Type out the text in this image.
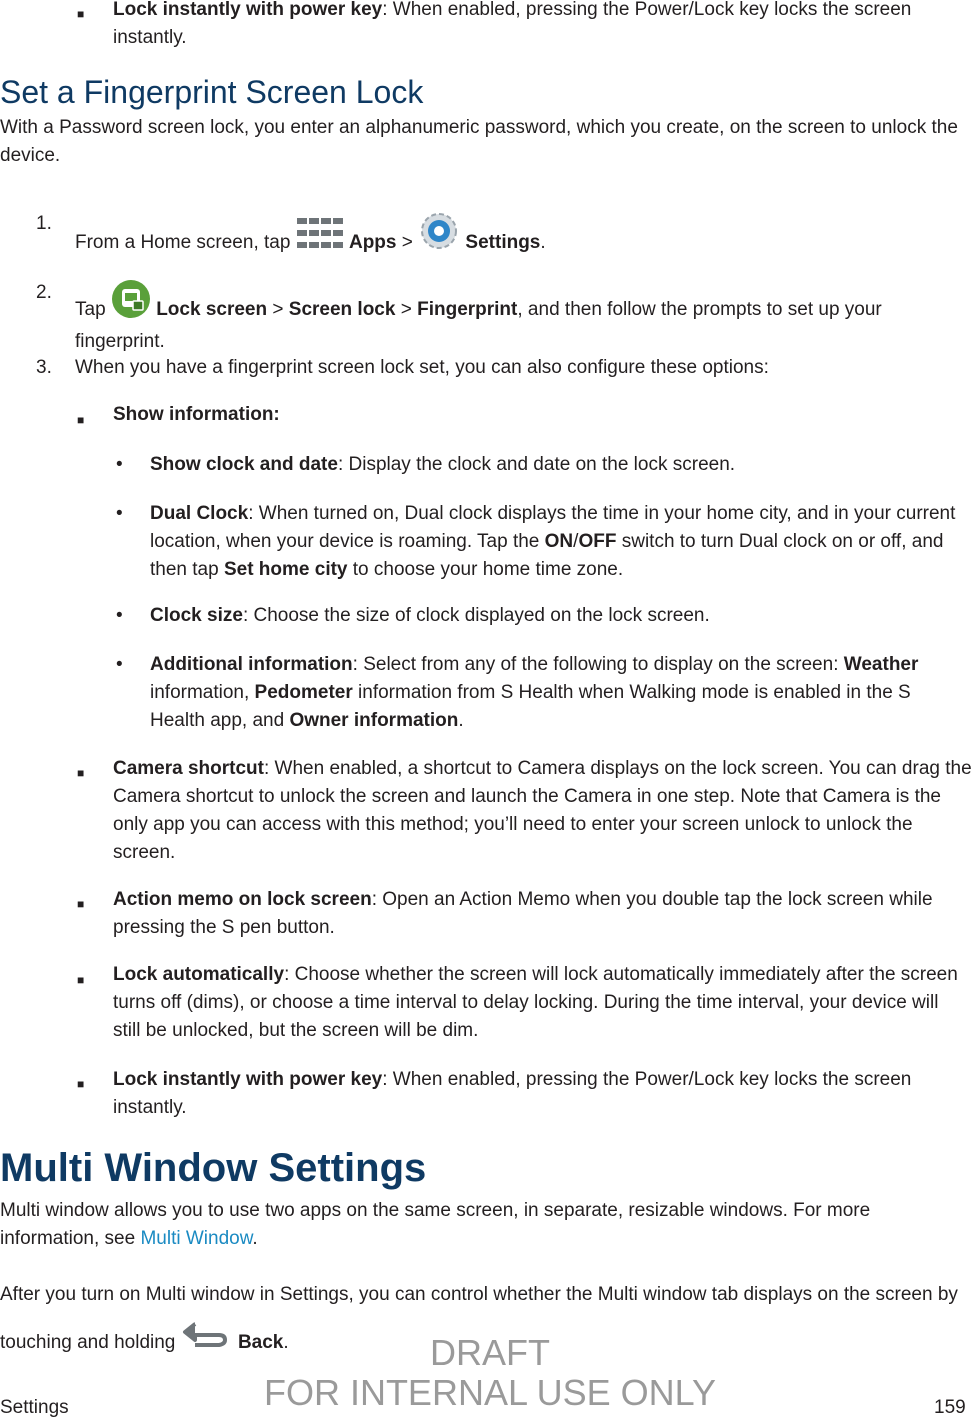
■ Lock instantly with power key: When enabled, pressing the Power/Lock key locks the screen instantly.
Set a Fingerprint Screen Lock
With a Password screen lock, you enter an alphanumeric password, which you create, on the screen to unlock the device.
1.
From a Home screen, tap	Apps >  Settings.
2.
Tap  Lock screen > Screen lock > Fingerprint, and then follow the prompts to set up your fingerprint.
3. When you have a fingerprint screen lock set, you can also configure these options:
■ Show information:
• Show clock and date: Display the clock and date on the lock screen.
• Dual Clock: When turned on, Dual clock displays the time in your home city, and in your current location, when your device is roaming. Tap the ON/OFF switch to turn Dual clock on or off, and then tap Set home city to choose your home time zone.
• Clock size: Choose the size of clock displayed on the lock screen.
• Additional information: Select from any of the following to display on the screen: Weather information, Pedometer information from S Health when Walking mode is enabled in the S Health app, and Owner information.
■ Camera shortcut: When enabled, a shortcut to Camera displays on the lock screen. You can drag the Camera shortcut to unlock the screen and launch the Camera in one step. Note that Camera is the only app you can access with this method; you’ll need to enter your screen unlock to unlock the screen.
■ Action memo on lock screen: Open an Action Memo when you double tap the lock screen while pressing the S pen button.
■ Lock automatically: Choose whether the screen will lock automatically immediately after the screen turns off (dims), or choose a time interval to delay locking. During the time interval, your device will still be unlocked, but the screen will be dim.
■ Lock instantly with power key: When enabled, pressing the Power/Lock key locks the screen instantly.
Multi Window Settings
Multi window allows you to use two apps on the same screen, in separate, resizable windows. For more information, see Multi Window.
After you turn on Multi window in Settings, you can control whether the Multi window tab displays on the screen by touching and holding	Back.	DRAFT
FOR INTERNAL USE ONLY
Settings	159
